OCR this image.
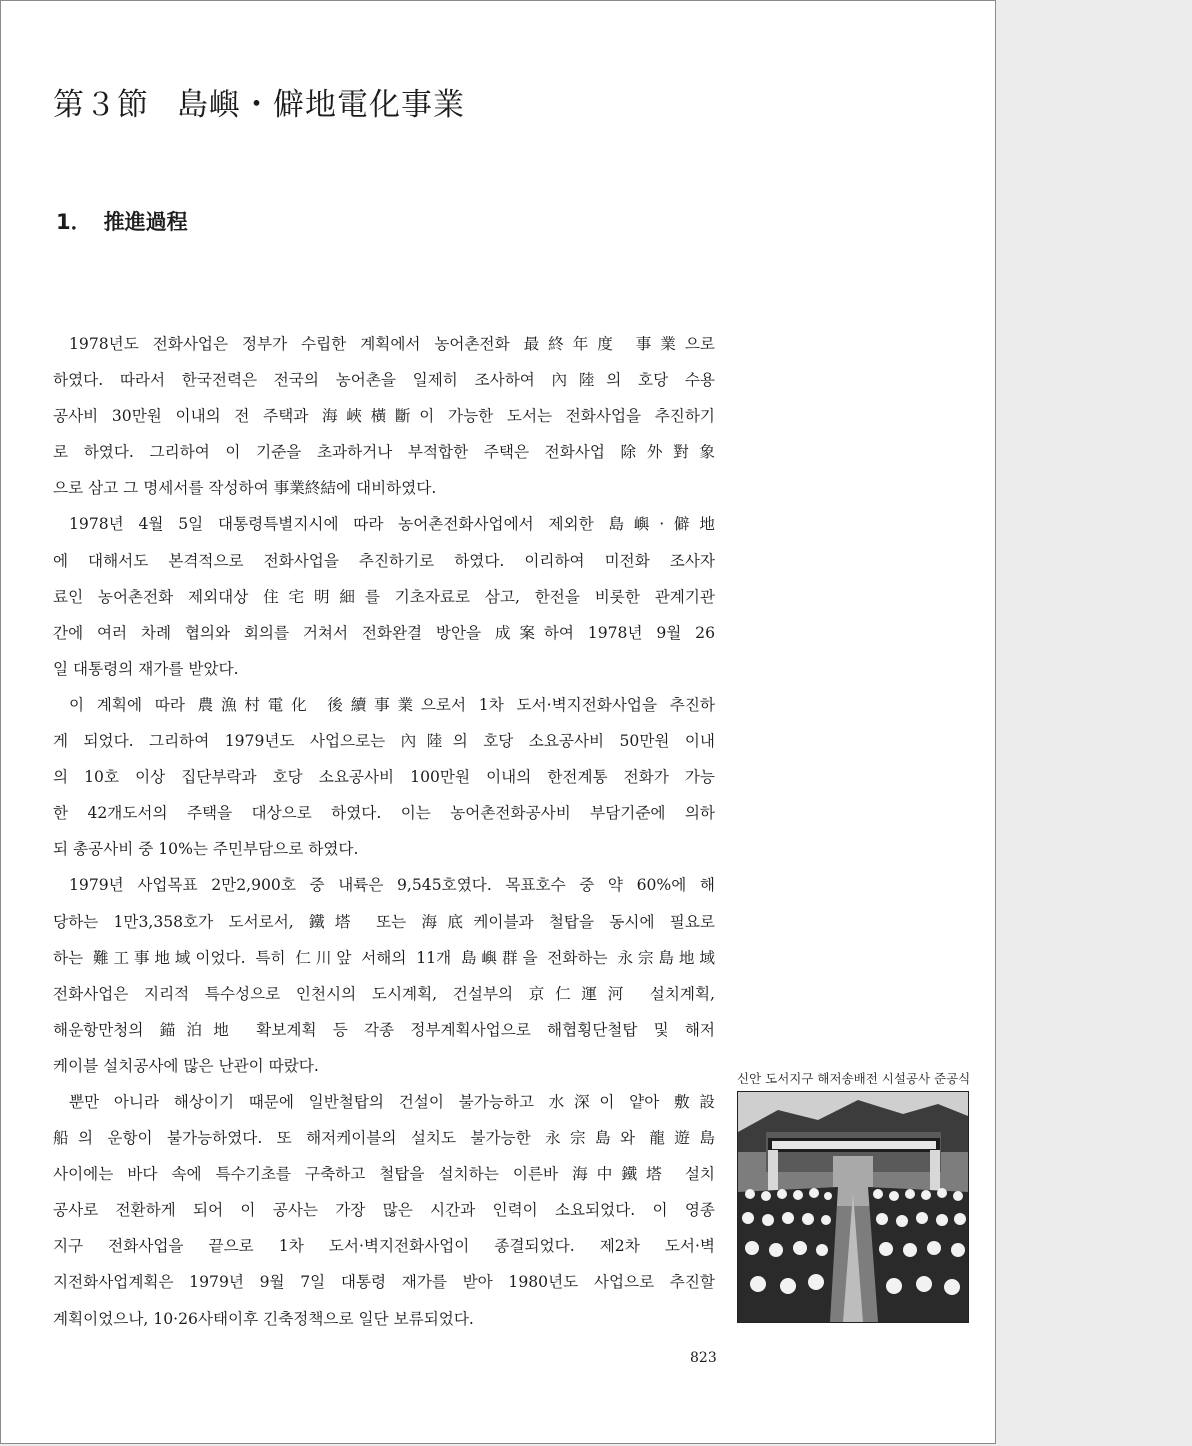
第３節 島嶼・僻地電化事業
1． 推進過程
1978년도 전화사업은 정부가 수립한 계획에서 농어촌전화 最終年度 事業으로
하였다. 따라서 한국전력은 전국의 농어촌을 일제히 조사하여 內陸의 호당 수용
공사비 30만원 이내의 전 주택과 海峽橫斷이 가능한 도서는 전화사업을 추진하기
로 하였다. 그리하여 이 기준을 초과하거나 부적합한 주택은 전화사업 除外對象
으로 삼고 그 명세서를 작성하여 事業終結에 대비하였다.
1978년 4월 5일 대통령특별지시에 따라 농어촌전화사업에서 제외한 島嶼·僻地
에 대해서도 본격적으로 전화사업을 추진하기로 하였다. 이리하여 미전화 조사자
료인 농어촌전화 제외대상 住宅明細를 기초자료로 삼고, 한전을 비롯한 관계기관
간에 여러 차례 협의와 회의를 거쳐서 전화완결 방안을 成案하여 1978년 9월 26
일 대통령의 재가를 받았다.
이 계획에 따라 農漁村電化 後續事業으로서 1차 도서·벽지전화사업을 추진하
게 되었다. 그리하여 1979년도 사업으로는 內陸의 호당 소요공사비 50만원 이내
의 10호 이상 집단부락과 호당 소요공사비 100만원 이내의 한전계통 전화가 가능
한 42개도서의 주택을 대상으로 하였다. 이는 농어촌전화공사비 부담기준에 의하
되 총공사비 중 10%는 주민부담으로 하였다.
1979년 사업목표 2만2,900호 중 내륙은 9,545호였다. 목표호수 중 약 60%에 해
당하는 1만3,358호가 도서로서, 鐵塔 또는 海底케이블과 철탑을 동시에 필요로
하는 難工事地域이었다. 특히 仁川앞 서해의 11개 島嶼群을 전화하는 永宗島地域
전화사업은 지리적 특수성으로 인천시의 도시계획, 건설부의 京仁運河 설치계획,
해운항만청의 錨泊地 확보계획 등 각종 정부계획사업으로 해협횡단철탑 및 해저
케이블 설치공사에 많은 난관이 따랐다.
뿐만 아니라 해상이기 때문에 일반철탑의 건설이 불가능하고 水深이 얕아 敷設
船의 운항이 불가능하였다. 또 해저케이블의 설치도 불가능한 永宗島와 龍遊島
사이에는 바다 속에 특수기초를 구축하고 철탑을 설치하는 이른바 海中鐵塔 설치
공사로 전환하게 되어 이 공사는 가장 많은 시간과 인력이 소요되었다. 이 영종
지구 전화사업을 끝으로 1차 도서·벽지전화사업이 종결되었다. 제2차 도서·벽
지전화사업계획은 1979년 9월 7일 대통령 재가를 받아 1980년도 사업으로 추진할
계획이었으나, 10·26사태이후 긴축정책으로 일단 보류되었다.
신안 도서지구 해저송배전 시설공사 준공식
823
